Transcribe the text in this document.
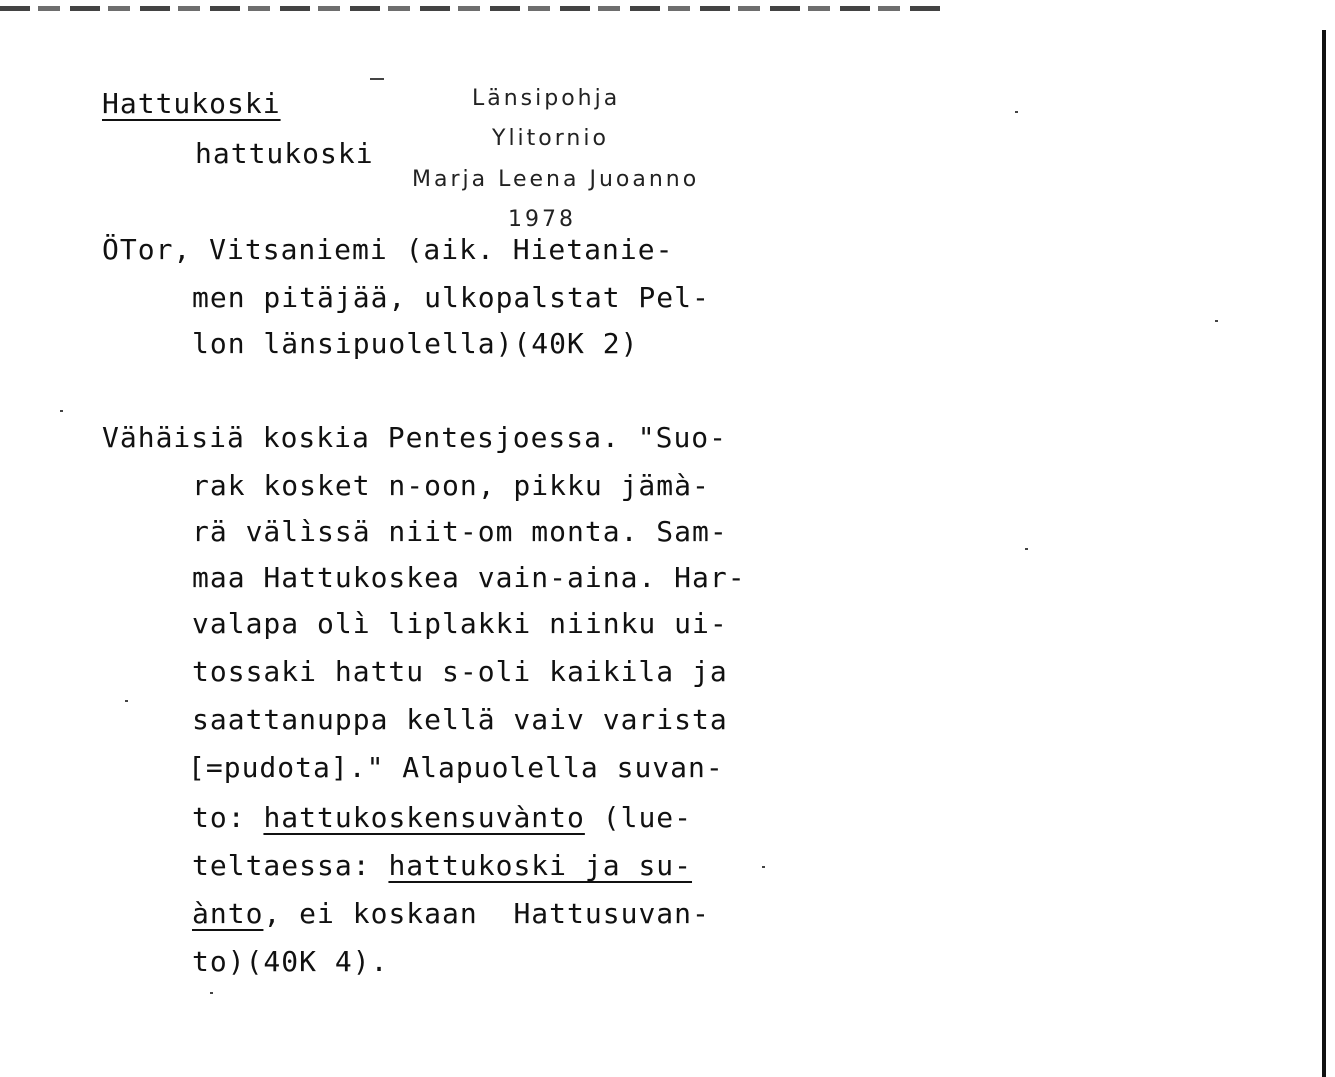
Hattukoski
hattukoski
Länsipohja
Ylitornio
Marja Leena Juoanno
1978
ÖTor, Vitsaniemi (aik. Hietanie-
men pitäjää, ulkopalstat Pel-
lon länsipuolella)(40K 2)
Vähäisiä koskia Pentesjoessa. "Suo-
rak kosket n-oon, pikku jämà-
rä välìssä niit-om monta. Sam-
maa Hattukoskea vain-aina. Har-
valapa olì liplakki niinku ui-
tossaki hattu s-oli kaikila ja
saattanuppa kellä vaiv varista
[=pudota]." Alapuolella suvan-
to: hattukoskensuvànto (lue-
teltaessa: hattukoski ja su-
ànto, ei koskaan  Hattusuvan-
to)(40K 4).
